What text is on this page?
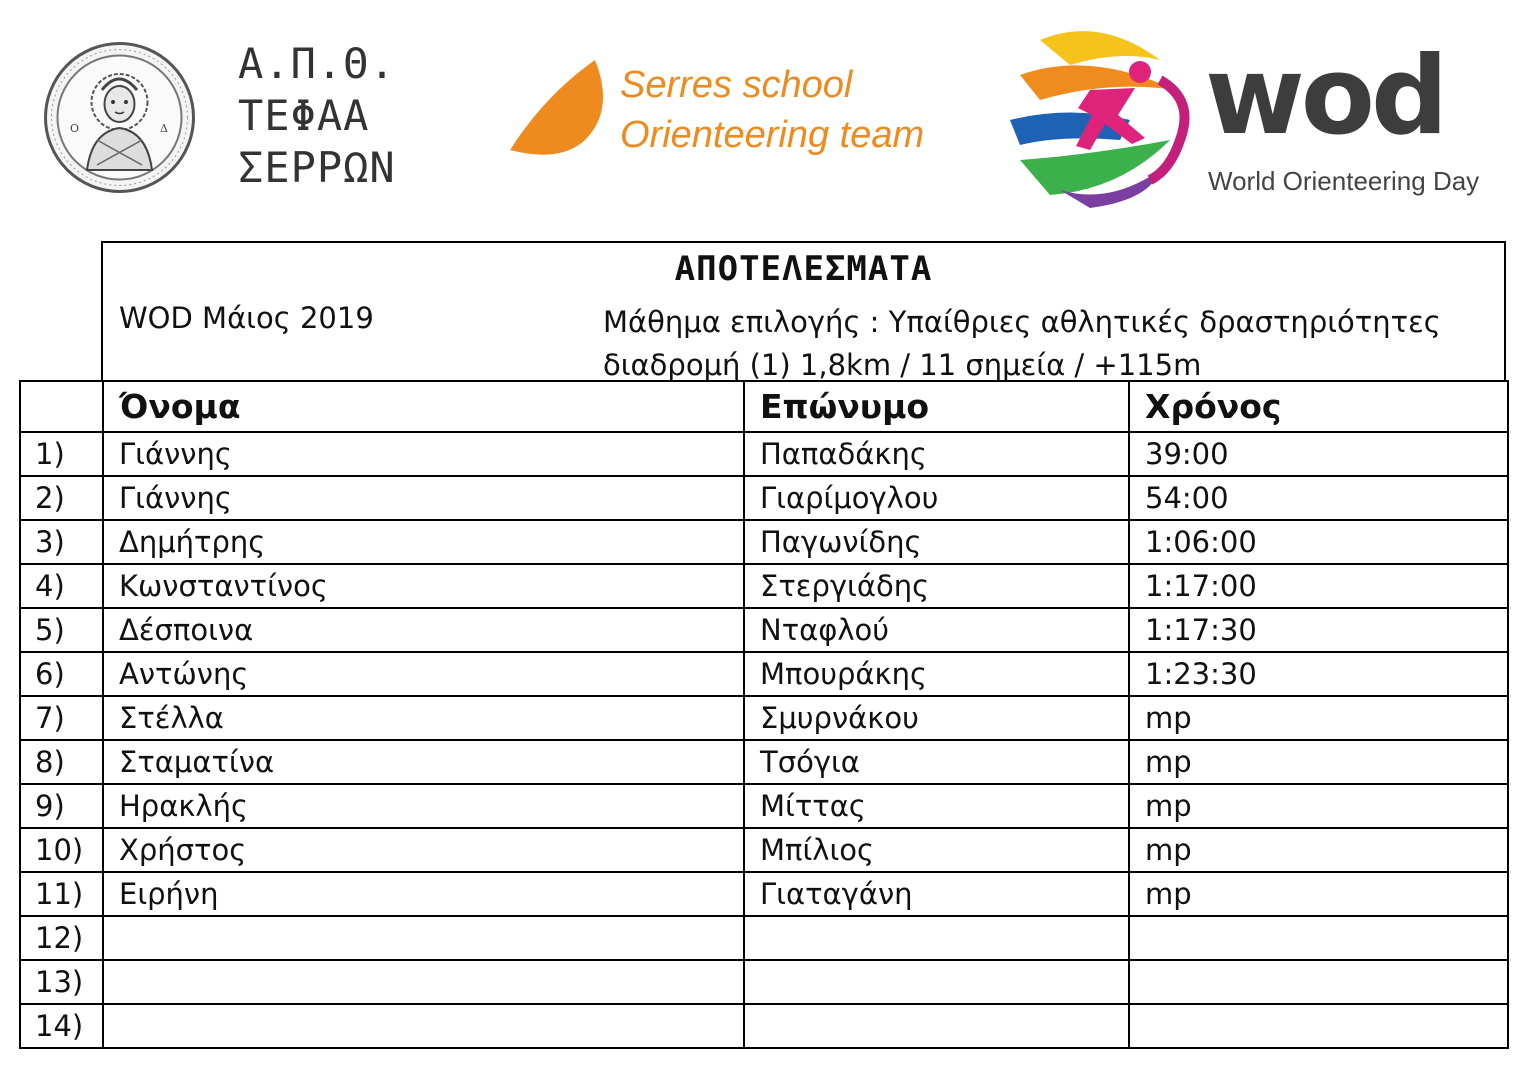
Ο	Δ
Α.Π.Θ.
ΤΕΦΑΑ
ΣΕΡΡΩΝ
Serres school
Orienteering team	wod
World Orienteering Day
ΑΠΟΤΕΛΕΣΜΑΤΑ
WOD Μάιος 2019	Μάθημα επιλογής : Υπαίθριες αθλητικές δραστηριότητες
διαδρομή (1) 1,8km / 11 σημεία / +115m
	Όνομα	Επώνυμο	Χρόνος
1)	Γιάννης	Παπαδάκης	39:00
2)	Γιάννης	Γιαρίμογλου	54:00
3)	Δημήτρης	Παγωνίδης	1:06:00
4)	Κωνσταντίνος	Στεργιάδης	1:17:00
5)	Δέσποινα	Νταφλού	1:17:30
6)	Αντώνης	Μπουράκης	1:23:30
7)	Στέλλα	Σμυρνάκου	mp
8)	Σταματίνα	Τσόγια	mp
9)	Ηρακλής	Μίττας	mp
10)	Χρήστος	Μπίλιος	mp
11)	Ειρήνη	Γιαταγάνη	mp
12)			
13)			
14)			
